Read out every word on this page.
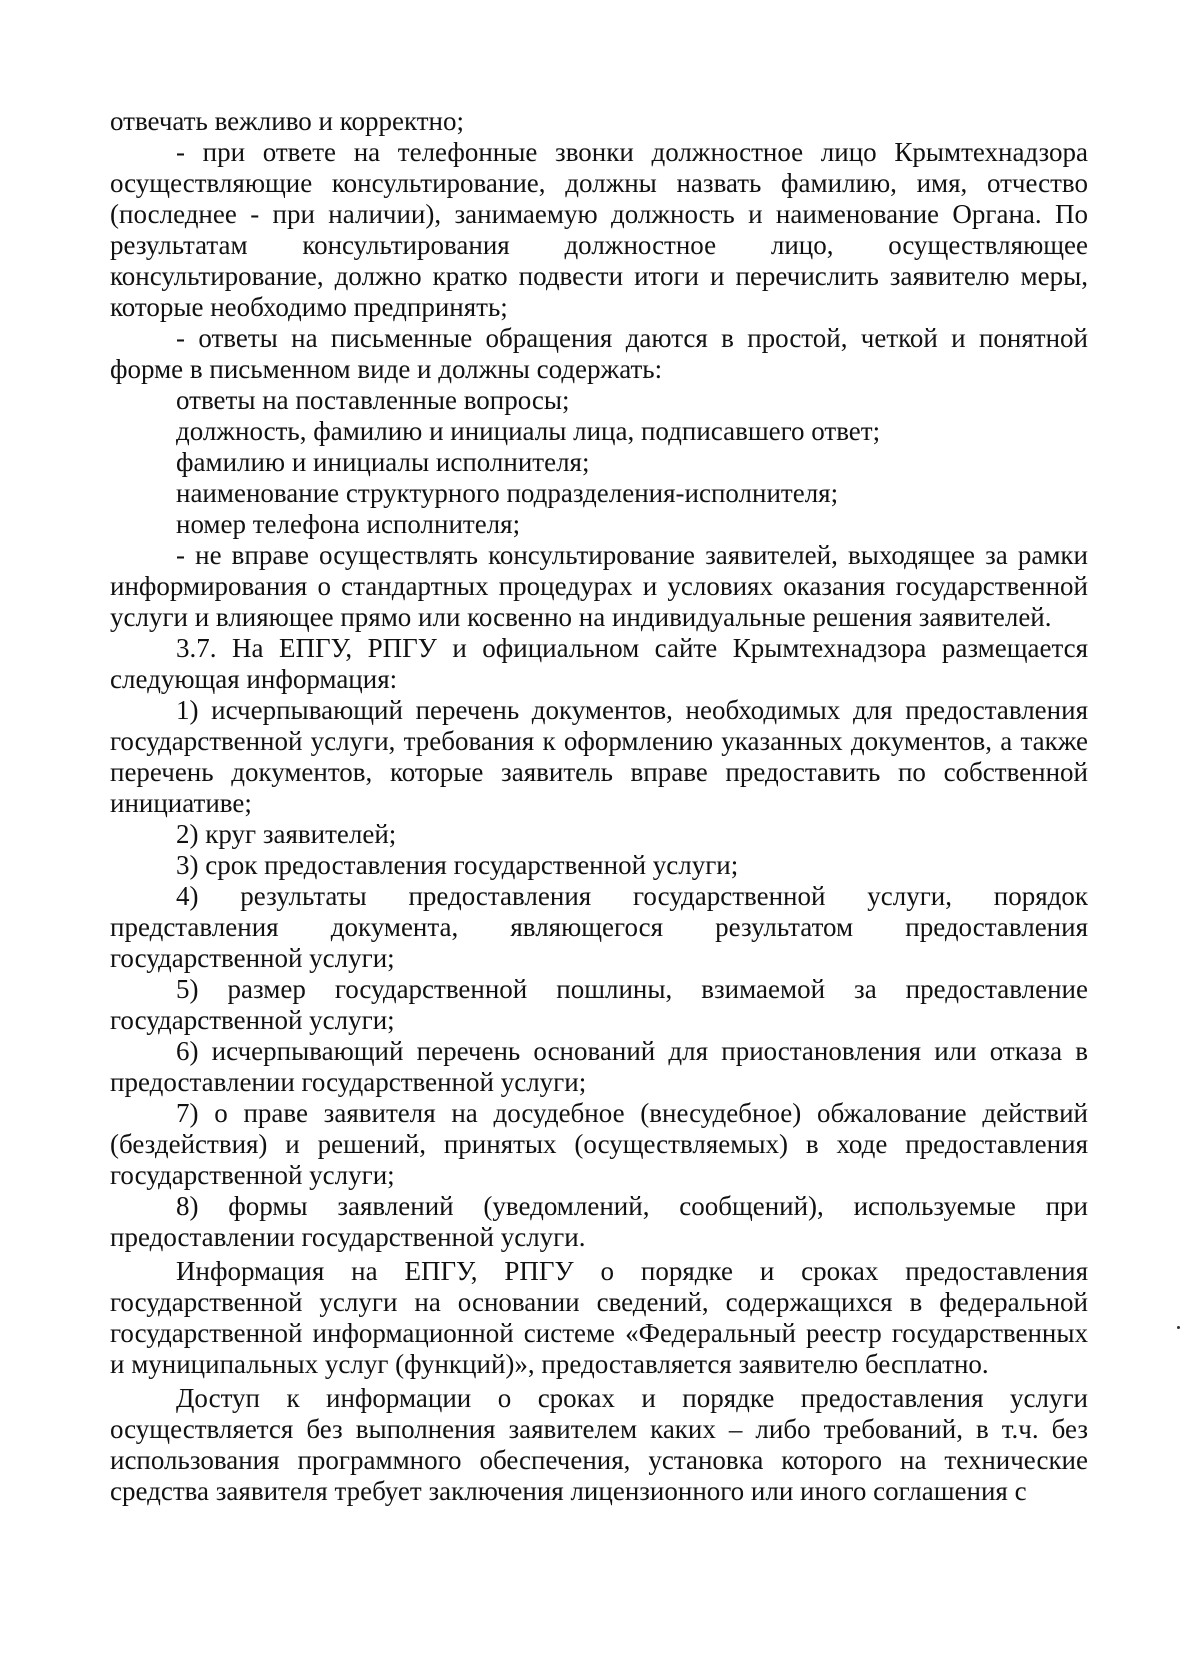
отвечать вежливо и корректно;

- при ответе на телефонные звонки должностное лицо Крымтехнадзора осуществляющие консультирование, должны назвать фамилию, имя, отчество (последнее - при наличии), занимаемую должность и наименование Органа. По результатам консультирования должностное лицо, осуществляющее консультирование, должно кратко подвести итоги и перечислить заявителю меры, которые необходимо предпринять;

- ответы на письменные обращения даются в простой, четкой и понятной форме в письменном виде и должны содержать:

ответы на поставленные вопросы;

должность, фамилию и инициалы лица, подписавшего ответ;

фамилию и инициалы исполнителя;

наименование структурного подразделения-исполнителя;

номер телефона исполнителя;

- не вправе осуществлять консультирование заявителей, выходящее за рамки информирования о стандартных процедурах и условиях оказания государственной услуги и влияющее прямо или косвенно на индивидуальные решения заявителей.

3.7. На ЕПГУ, РПГУ и официальном сайте Крымтехнадзора размещается следующая информация:

1) исчерпывающий перечень документов, необходимых для предоставления государственной услуги, требования к оформлению указанных документов, а также перечень документов, которые заявитель вправе предоставить по собственной инициативе;

2) круг заявителей;

3) срок предоставления государственной услуги;

4) результаты предоставления государственной услуги, порядок представления документа, являющегося результатом предоставления государственной услуги;

5) размер государственной пошлины, взимаемой за предоставление государственной услуги;

6) исчерпывающий перечень оснований для приостановления или отказа в предоставлении государственной услуги;

7) о праве заявителя на досудебное (внесудебное) обжалование действий (бездействия) и решений, принятых (осуществляемых) в ходе предоставления государственной услуги;

8) формы заявлений (уведомлений, сообщений), используемые при предоставлении государственной услуги.

Информация на ЕПГУ, РПГУ о порядке и сроках предоставления государственной услуги на основании сведений, содержащихся в федеральной государственной информационной системе «Федеральный реестр государственных и муниципальных услуг (функций)», предоставляется заявителю бесплатно.

Доступ к информации о сроках и порядке предоставления услуги осуществляется без выполнения заявителем каких – либо требований, в т.ч. без использования программного обеспечения, установка которого на технические средства заявителя требует заключения лицензионного или иного соглашения с
